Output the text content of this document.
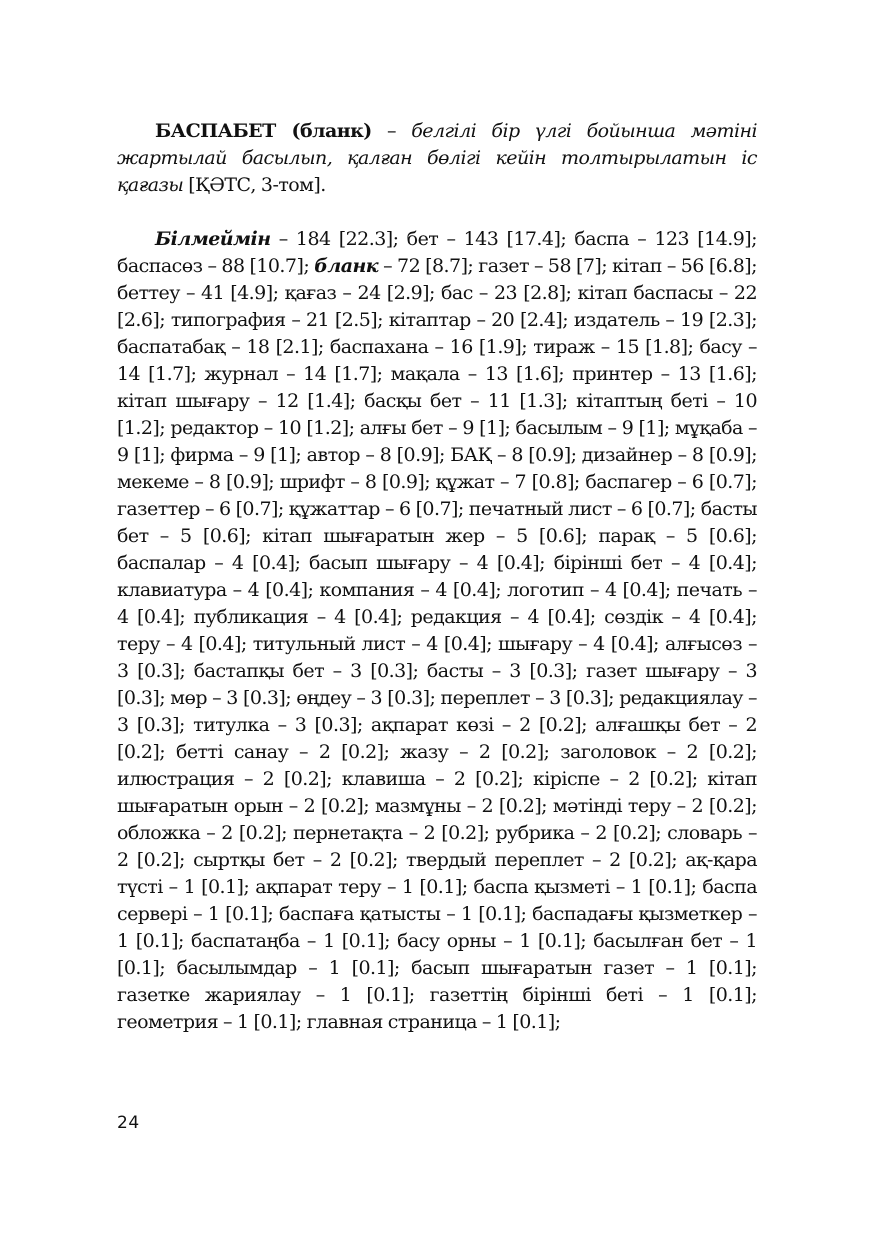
БАСПАБЕТ (бланк) – белгілі бір үлгі бойынша мәтіні жартылай басылып, қалған бөлігі кейін толтырылатын іс қағазы [ҚӘТС, 3-том].

Білмеймін – 184 [22.3]; бет – 143 [17.4]; баспа – 123 [14.9]; баспасөз – 88 [10.7]; бланк – 72 [8.7]; газет – 58 [7]; кітап – 56 [6.8]; беттеу – 41 [4.9]; қағаз – 24 [2.9]; бас – 23 [2.8]; кітап баспасы – 22 [2.6]; типография – 21 [2.5]; кітаптар – 20 [2.4]; издатель – 19 [2.3]; баспатабақ – 18 [2.1]; баспахана – 16 [1.9]; тираж – 15 [1.8]; басу – 14 [1.7]; журнал – 14 [1.7]; мақала – 13 [1.6]; принтер – 13 [1.6]; кітап шығару – 12 [1.4]; басқы бет – 11 [1.3]; кітаптың беті – 10 [1.2]; редактор – 10 [1.2]; алғы бет – 9 [1]; басылым – 9 [1]; мұқаба – 9 [1]; фирма – 9 [1]; автор – 8 [0.9]; БАҚ – 8 [0.9]; дизайнер – 8 [0.9]; мекеме – 8 [0.9]; шрифт – 8 [0.9]; құжат – 7 [0.8]; баспагер – 6 [0.7]; газеттер – 6 [0.7]; құжаттар – 6 [0.7]; печатный лист – 6 [0.7]; басты бет – 5 [0.6]; кітап шығаратын жер – 5 [0.6]; парақ – 5 [0.6]; баспалар – 4 [0.4]; басып шығару – 4 [0.4]; бірінші бет – 4 [0.4]; клавиатура – 4 [0.4]; компания – 4 [0.4]; логотип – 4 [0.4]; печать – 4 [0.4]; публикация – 4 [0.4]; редакция – 4 [0.4]; сөздік – 4 [0.4]; теру – 4 [0.4]; титульный лист – 4 [0.4]; шығару – 4 [0.4]; алғысөз – 3 [0.3]; бастапқы бет – 3 [0.3]; басты – 3 [0.3]; газет шығару – 3 [0.3]; мөр – 3 [0.3]; өңдеу – 3 [0.3]; переплет – 3 [0.3]; редакциялау – 3 [0.3]; титулка – 3 [0.3]; ақпарат көзі – 2 [0.2]; алғашқы бет – 2 [0.2]; бетті санау – 2 [0.2]; жазу – 2 [0.2]; заголовок – 2 [0.2]; илюстрация – 2 [0.2]; клавиша – 2 [0.2]; кіріспе – 2 [0.2]; кітап шығаратын орын – 2 [0.2]; мазмұны – 2 [0.2]; мәтінді теру – 2 [0.2]; обложка – 2 [0.2]; пернетақта – 2 [0.2]; рубрика – 2 [0.2]; словарь – 2 [0.2]; сыртқы бет – 2 [0.2]; твердый переплет – 2 [0.2]; ақ-қара түсті – 1 [0.1]; ақпарат теру – 1 [0.1]; баспа қызметі – 1 [0.1]; баспа сервері – 1 [0.1]; баспаға қатысты – 1 [0.1]; баспадағы қызметкер – 1 [0.1]; баспатаңба – 1 [0.1]; басу орны – 1 [0.1]; басылған бет – 1 [0.1]; басылымдар – 1 [0.1]; басып шығаратын газет – 1 [0.1]; газетке жариялау – 1 [0.1]; газеттің бірінші беті – 1 [0.1]; геометрия – 1 [0.1]; главная страница – 1 [0.1];

24
